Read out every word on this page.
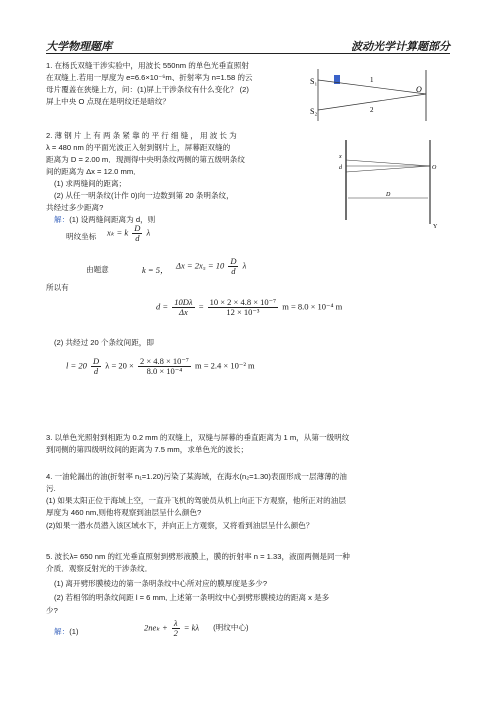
大学物理题库	波动光学计算题部分
1. 在杨氏双缝干涉实验中，用波长 550nm 的单色光垂直照射
在双缝上.若用一厚度为 e=6.6×10⁻⁶m、折射率为 n=1.58 的云
母片覆盖在狭缝上方，问：(1)屏上干涉条纹有什么变化？ (2)
屏上中央 O 点现在是明纹还是暗纹？
S₁
S₂
1
2
O
2. 薄 钢 片 上 有 两 条 紧 靠 的 平 行 细 缝 ， 用 波 长 为
λ = 480 nm 的平面光波正入射到钢片上，屏幕距双缝的
距离为 D = 2.00 m．现测得中央明条纹两侧的第五级明条纹
间的距离为 Δx = 12.0 mm．
(1) 求两缝间的距离；
(2) 从任一明条纹(计作 0)向一边数到第 20 条明条纹，
共经过多少距离?
x
d	O
D
Y
解：(1) 设两缝间距离为 d，则
明纹坐标 xₖ = k $\frac{D}{d}$ λ
由题意	k = 5， $\Delta x = 2x_5 = 10 \frac{D}{d}$ λ
所以有
$d = \frac{10D\lambda}{\Delta x} = \frac{\text{10 × 2 × 4.8 × 10⁻⁷}}{\text{12 × 10⁻³}}$ m = 8.0 × 10⁻⁴ m
(2) 共经过 20 个条纹间距，即
$l = 20 \frac{D}{d}$ $\lambda = 20 \times \frac{\text{2 × 4.8 × 10⁻⁷}}{\text{8.0 × 10⁻⁴}}$ m = 2.4 × 10⁻² m
3. 以单色光照射到相距为 0.2 mm 的双缝上，双缝与屏幕的垂直距离为 1 m，从第一级明纹
到同侧的第四级明纹间的距离为 7.5 mm，求单色光的波长；
4. 一油轮漏出的油(折射率 n₁=1.20)污染了某海域，在海水(n₂=1.30)表面形成一层薄薄的油
污.
(1) 如果太阳正位于海域上空，一直升飞机的驾驶员从机上向正下方观察，他所正对的油层
厚度为 460 nm,则他将观察到油层呈什么颜色?
(2)如果一潜水员潜入该区域水下，并向正上方观察，又将看到油层呈什么颜色？
5. 波长λ= 650 nm 的红光垂直照射到劈形液膜上，膜的折射率 n = 1.33，液面两侧是同一种
介质．观察反射光的干涉条纹．
(1) 离开劈形膜棱边的第一条明条纹中心所对应的膜厚度是多少?
(2) 若相邻的明条纹间距 l = 6 mm, 上述第一条明纹中心到劈形膜棱边的距离 x 是多
少?
解：(1)	$2ne_k + \frac{\lambda}{2} = k\lambda$ (明纹中心)
